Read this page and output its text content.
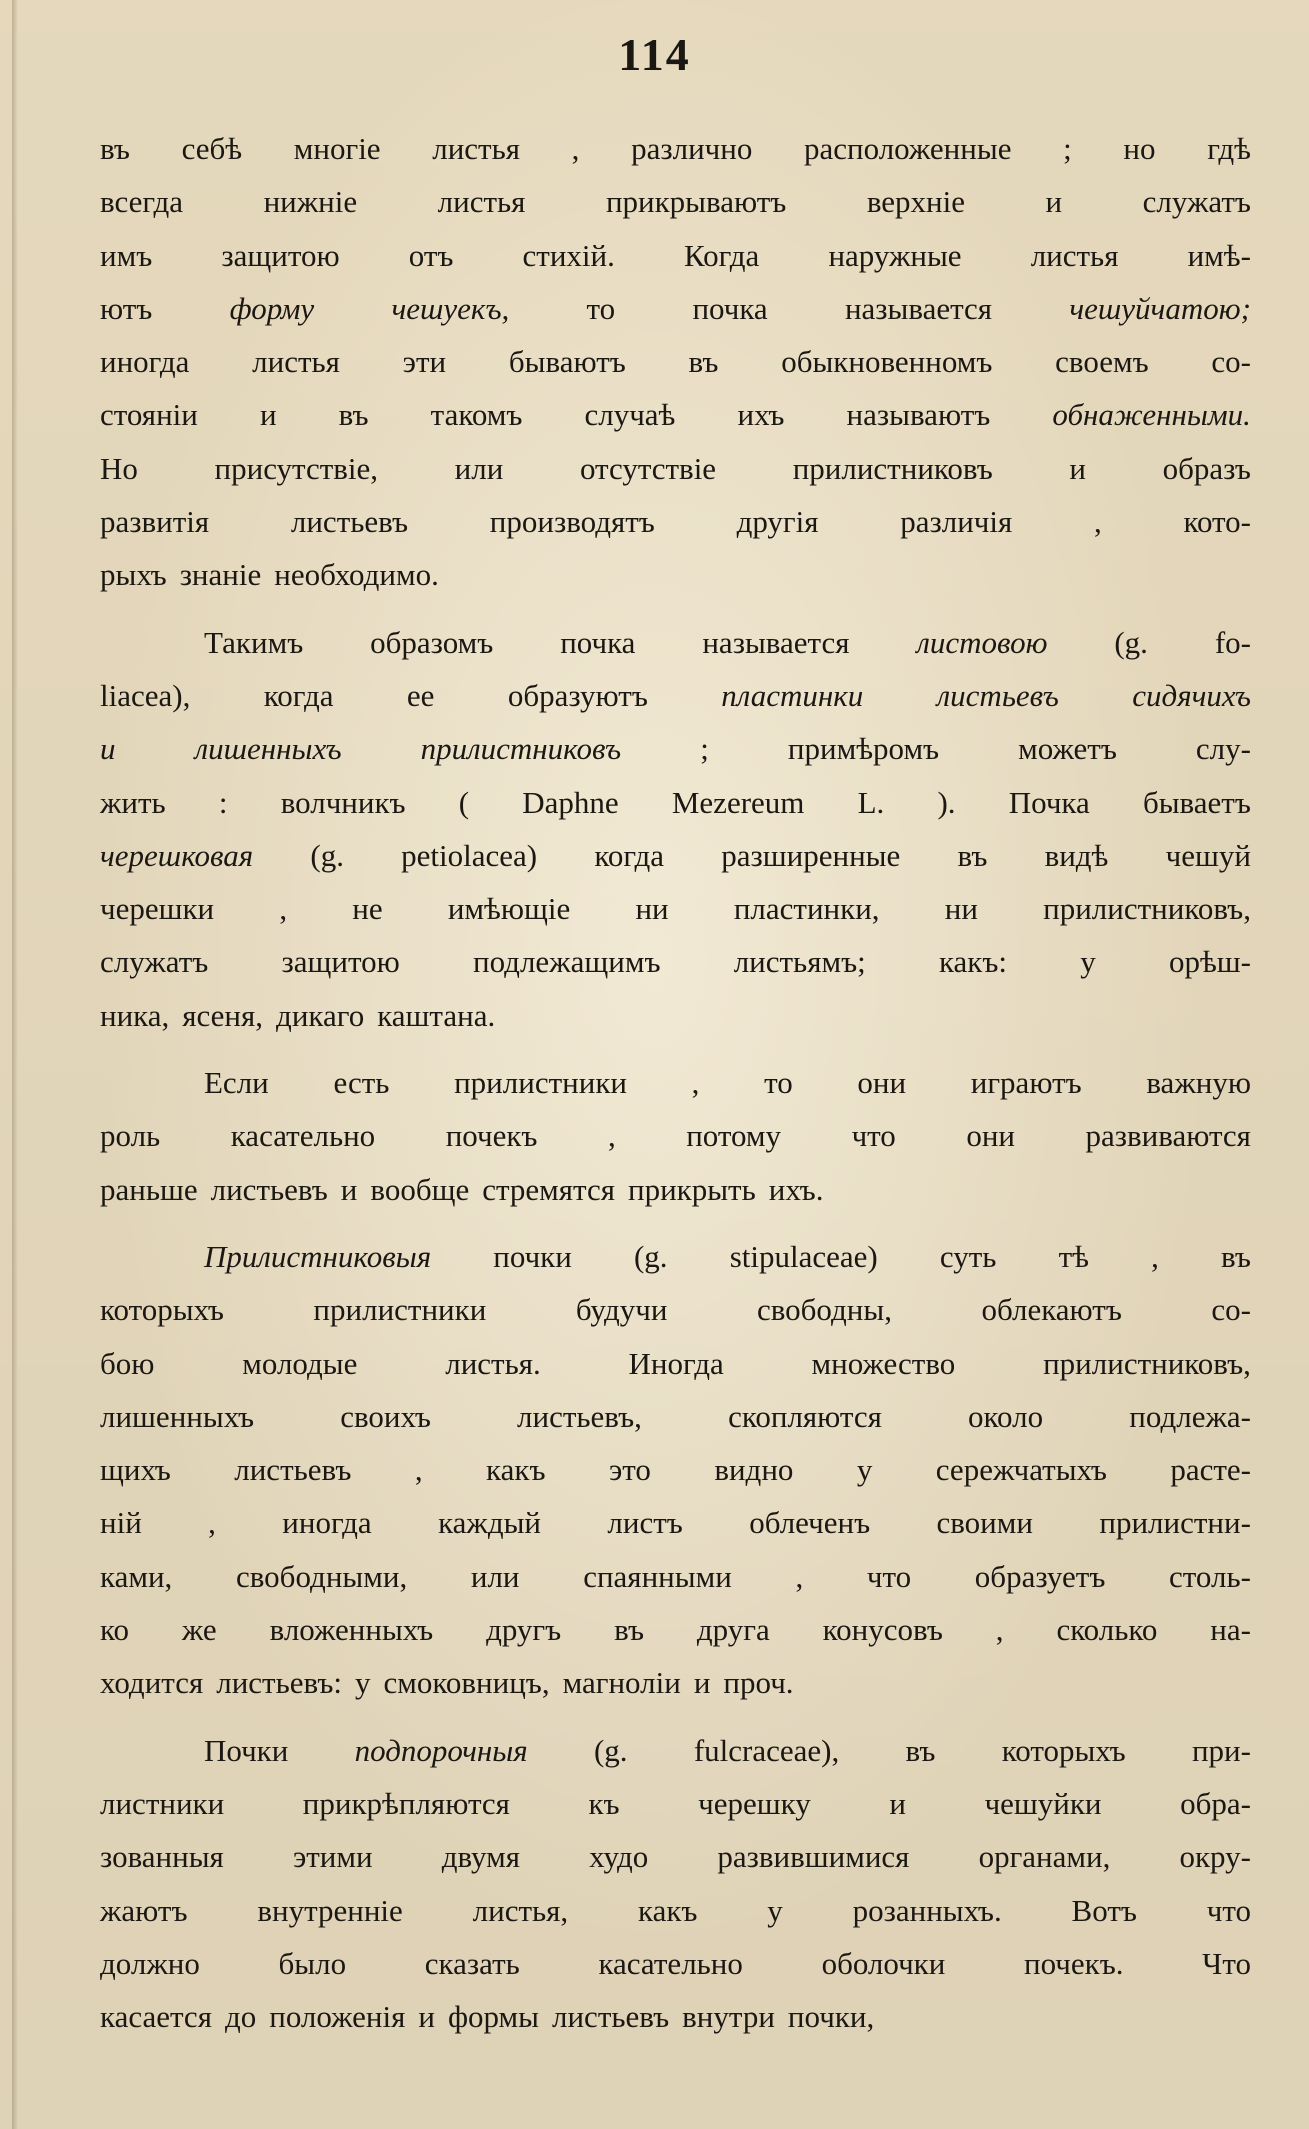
114
въ себѣ многіе листья , различно расположенные ; но гдѣ
всегда	нижніе	листья	прикрываютъ	верхніе	и	служатъ
имъ защитою отъ стихій. Когда наружные листья имѣ-
ютъ форму чешуекъ, то почка называется чешуйчатою;
иногда листья эти бываютъ въ обыкновенномъ своемъ со-
стояніи и въ такомъ случаѣ ихъ называютъ обнаженными.
Но присутствіе, или отсутствіе прилистниковъ и образъ
развитія	листьевъ	производятъ	другія	различія	,	кото-
рыхъ знаніе необходимо.
Такимъ образомъ почка называется листовою (g. fo-
liacea), когда ее образуютъ пластинки листьевъ сидячихъ
и	лишенныхъ	прилистниковъ	;	примѣромъ	можетъ	слу-
жить : волчникъ ( Daphne Mezereum L. ). Почка бываетъ
черешковая (g. petiolacea) когда разширенные въ видѣ чешуй
черешки , не имѣющіе ни пластинки, ни прилистниковъ,
служатъ защитою подлежащимъ листьямъ; какъ: у орѣш-
ника, ясеня, дикаго каштана.
Если есть прилистники , то они играютъ важную
роль касательно почекъ , потому что они развиваются
раньше листьевъ и вообще стремятся прикрыть ихъ.
Прилистниковыя почки (g. stipulaceae) суть тѣ , въ
которыхъ	прилистники	будучи	свободны,	облекаютъ	со-
бою	молодые	листья.	Иногда	множество	прилистниковъ,
лишенныхъ	своихъ	листьевъ,	скопляются	около	подлежа-
щихъ листьевъ , какъ это видно у сережчатыхъ расте-
ній , иногда каждый листъ облеченъ своими прилистни-
ками, свободными, или спаянными , что образуетъ столь-
ко же вложенныхъ другъ въ друга конусовъ , сколько на-
ходится листьевъ: у смоковницъ, магноліи и проч.
Почки подпорочныя (g. fulcraceae), въ которыхъ при-
листники	прикрѣпляются	къ	черешку	и	чешуйки	обра-
зованныя этими двумя худо развившимися органами, окру-
жаютъ внутренніе листья, какъ у розанныхъ. Вотъ что
должно	было	сказать	касательно	оболочки	почекъ.	Что
касается до положенія и формы листьевъ внутри почки,
